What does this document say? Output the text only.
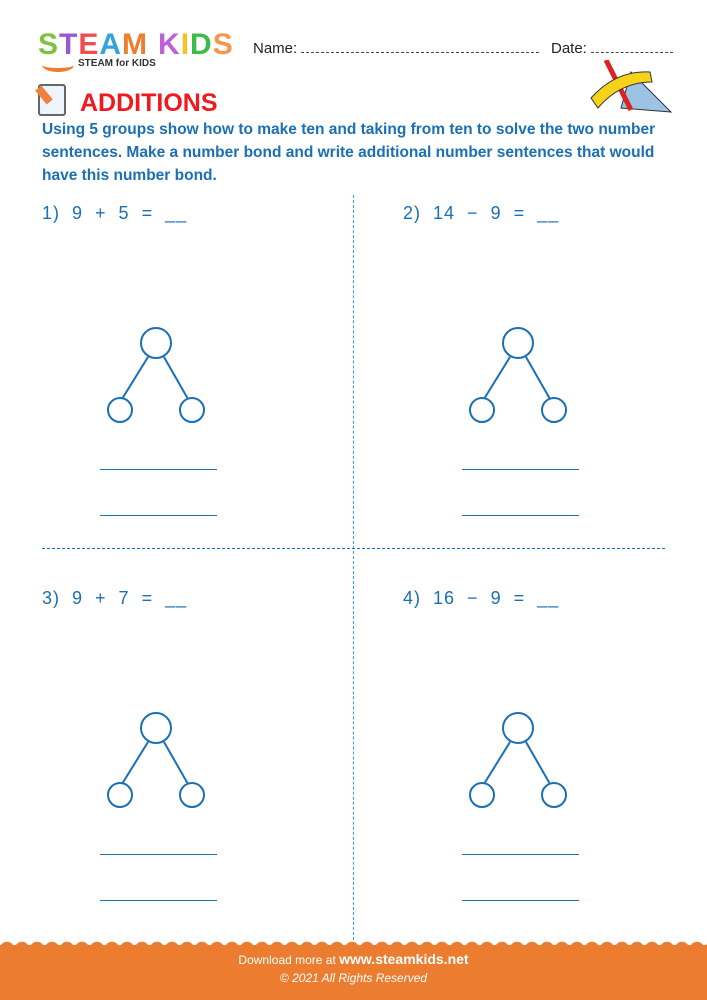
STEAM KIDS
STEAM for KIDS
Name:	Date:
ADDITIONS
Using 5 groups show how to make ten and taking from ten to solve the two number sentences. Make a number bond and write additional number sentences that would have this number bond.
1) 9 + 5 = __	2) 14 − 9 = __
3) 9 + 7 = __	4) 16 − 9 = __
Download more at www.steamkids.net
© 2021 All Rights Reserved
